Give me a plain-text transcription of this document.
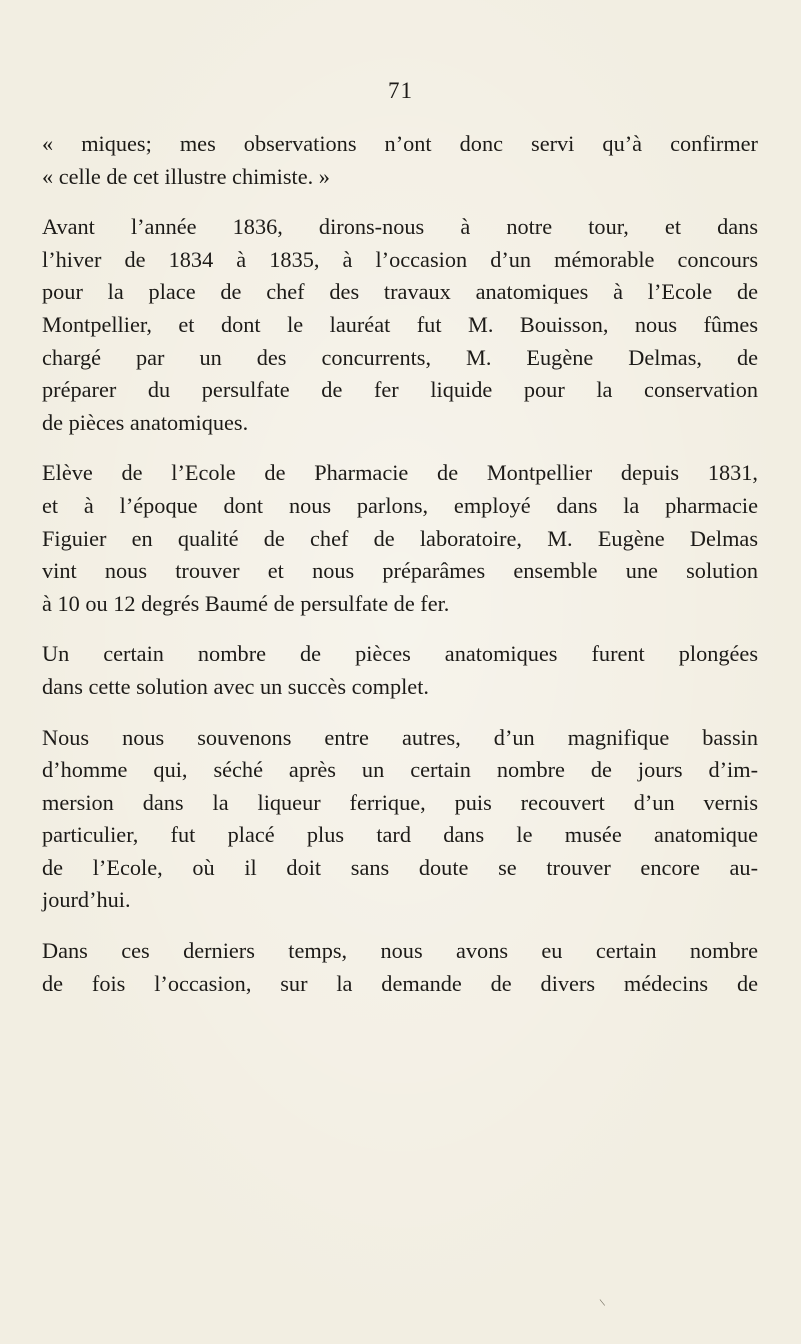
71
« miques; mes observations n’ont donc servi qu’à confirmer
« celle de cet illustre chimiste. »
Avant l’année 1836, dirons-nous à notre tour, et dans
l’hiver de 1834 à 1835, à l’occasion d’un mémorable concours
pour la place de chef des travaux anatomiques à l’Ecole de
Montpellier, et dont le lauréat fut M. Bouisson, nous fûmes
chargé par un des concurrents, M. Eugène Delmas, de
préparer du persulfate de fer liquide pour la conservation
de pièces anatomiques.
Elève de l’Ecole de Pharmacie de Montpellier depuis 1831,
et à l’époque dont nous parlons, employé dans la pharmacie
Figuier en qualité de chef de laboratoire, M. Eugène Delmas
vint nous trouver et nous préparâmes ensemble une solution
à 10 ou 12 degrés Baumé de persulfate de fer.
Un certain nombre de pièces anatomiques furent plongées
dans cette solution avec un succès complet.
Nous nous souvenons entre autres, d’un magnifique bassin
d’homme qui, séché après un certain nombre de jours d’im-
mersion dans la liqueur ferrique, puis recouvert d’un vernis
particulier, fut placé plus tard dans le musée anatomique
de l’Ecole, où il doit sans doute se trouver encore au-
jourd’hui.
Dans ces derniers temps, nous avons eu certain nombre
de fois l’occasion, sur la demande de divers médecins de
\
